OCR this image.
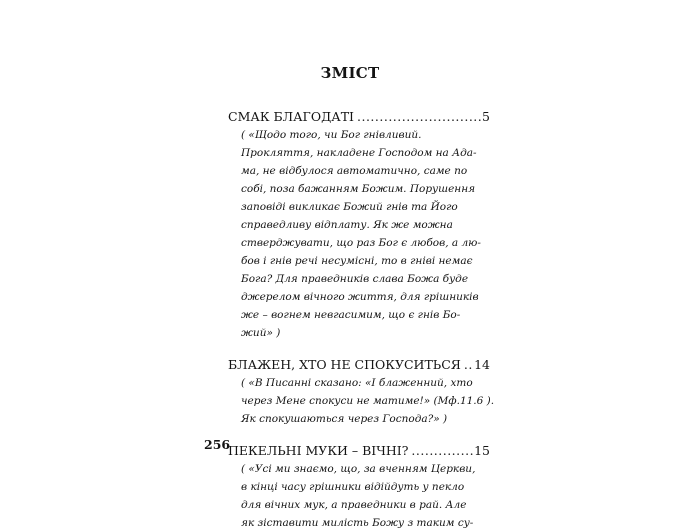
ЗМІСТ
СМАК БЛАГОДАТІ .....	5
( «Щодо того, чи Бог гнівливий.
Прокляття, накладене Господом на Ада-
ма, не відбулося автоматично, саме по
собі, поза бажанням Божим. Порушення
заповіді викликає Божий гнів та Його
справедливу відплату. Як же можна
стверджувати, що раз Бог є любов, а лю-
бов і гнів речі несумісні, то в гніві немає
Бога? Для праведників слава Божа буде
джерелом вічного життя, для грішників
же – вогнем невгасимим, що є гнів Бо-
жий» )
БЛАЖЕН, ХТО НЕ СПОКУСИТЬСЯ ..... 14
( «В Писанні сказано: «І блаженний, хто
через Мене спокуси не матиме!» (Мф.11.6 ).
Як спокушаються через Господа?» )
ПЕКЕЛЬНІ МУКИ – ВІЧНІ? .....	15
( «Усі ми знаємо, що, за вченням Церкви,
в кінці часу грішники відійдуть у пекло
для вічних мук, а праведники в рай. Але
як зіставити милість Божу з таким су-
256
